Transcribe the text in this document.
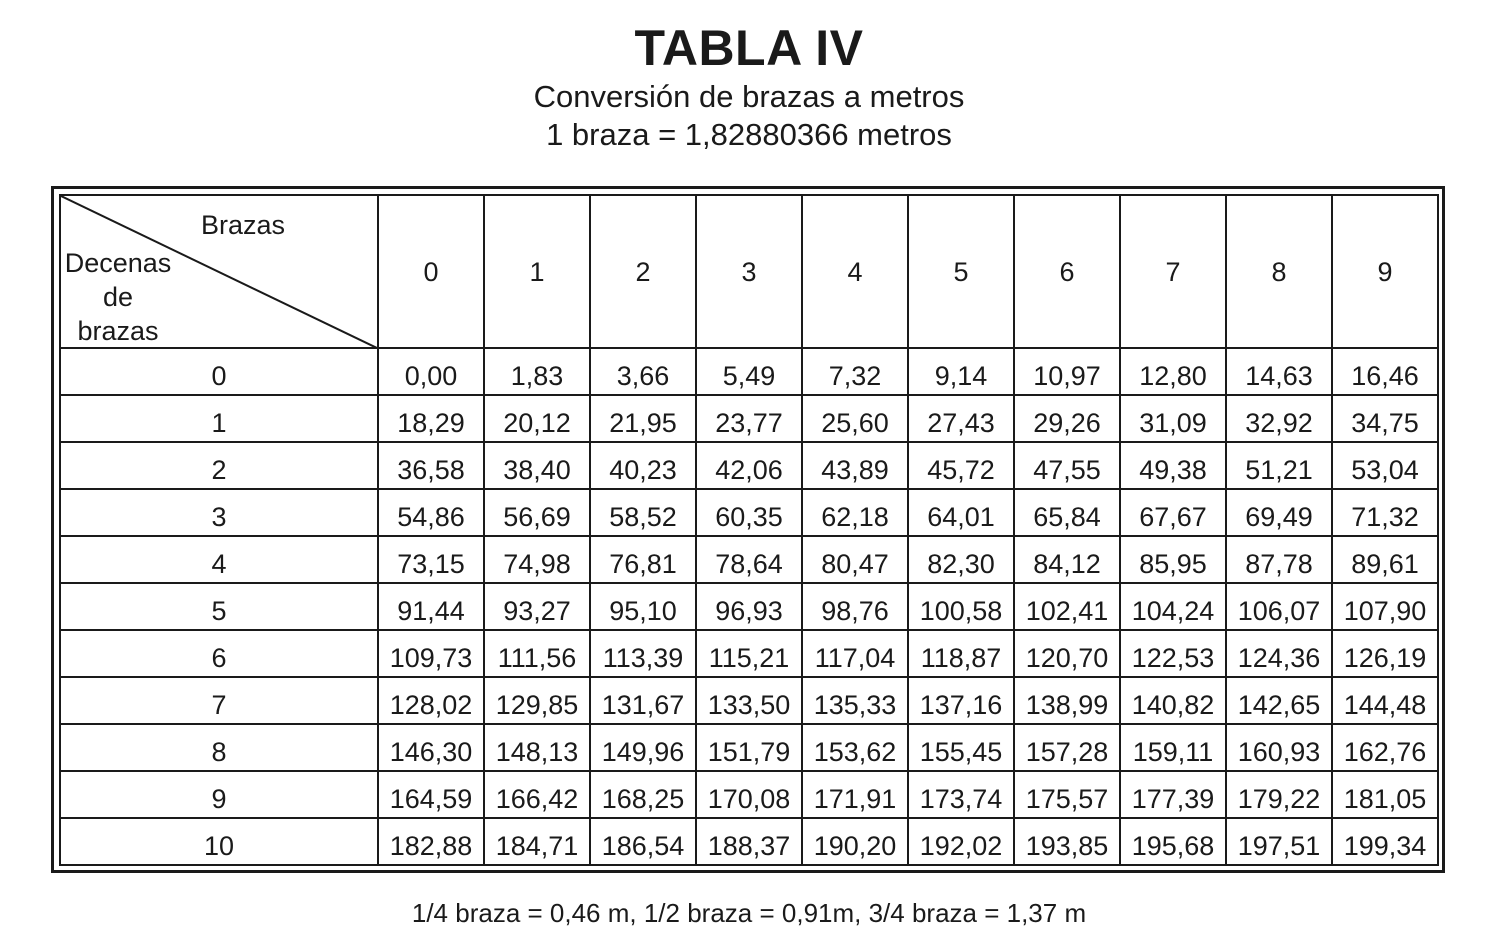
TABLA IV
Conversión de brazas a metros
1 braza = 1,82880366 metros
Brazas
Decenas de brazas	0	1	2	3	4	5	6	7	8	9
0	0,00	1,83	3,66	5,49	7,32	9,14	10,97	12,80	14,63	16,46
1	18,29	20,12	21,95	23,77	25,60	27,43	29,26	31,09	32,92	34,75
2	36,58	38,40	40,23	42,06	43,89	45,72	47,55	49,38	51,21	53,04
3	54,86	56,69	58,52	60,35	62,18	64,01	65,84	67,67	69,49	71,32
4	73,15	74,98	76,81	78,64	80,47	82,30	84,12	85,95	87,78	89,61
5	91,44	93,27	95,10	96,93	98,76	100,58	102,41	104,24	106,07	107,90
6	109,73	111,56	113,39	115,21	117,04	118,87	120,70	122,53	124,36	126,19
7	128,02	129,85	131,67	133,50	135,33	137,16	138,99	140,82	142,65	144,48
8	146,30	148,13	149,96	151,79	153,62	155,45	157,28	159,11	160,93	162,76
9	164,59	166,42	168,25	170,08	171,91	173,74	175,57	177,39	179,22	181,05
10	182,88	184,71	186,54	188,37	190,20	192,02	193,85	195,68	197,51	199,34
1/4 braza = 0,46 m, 1/2 braza = 0,91m, 3/4 braza = 1,37 m
